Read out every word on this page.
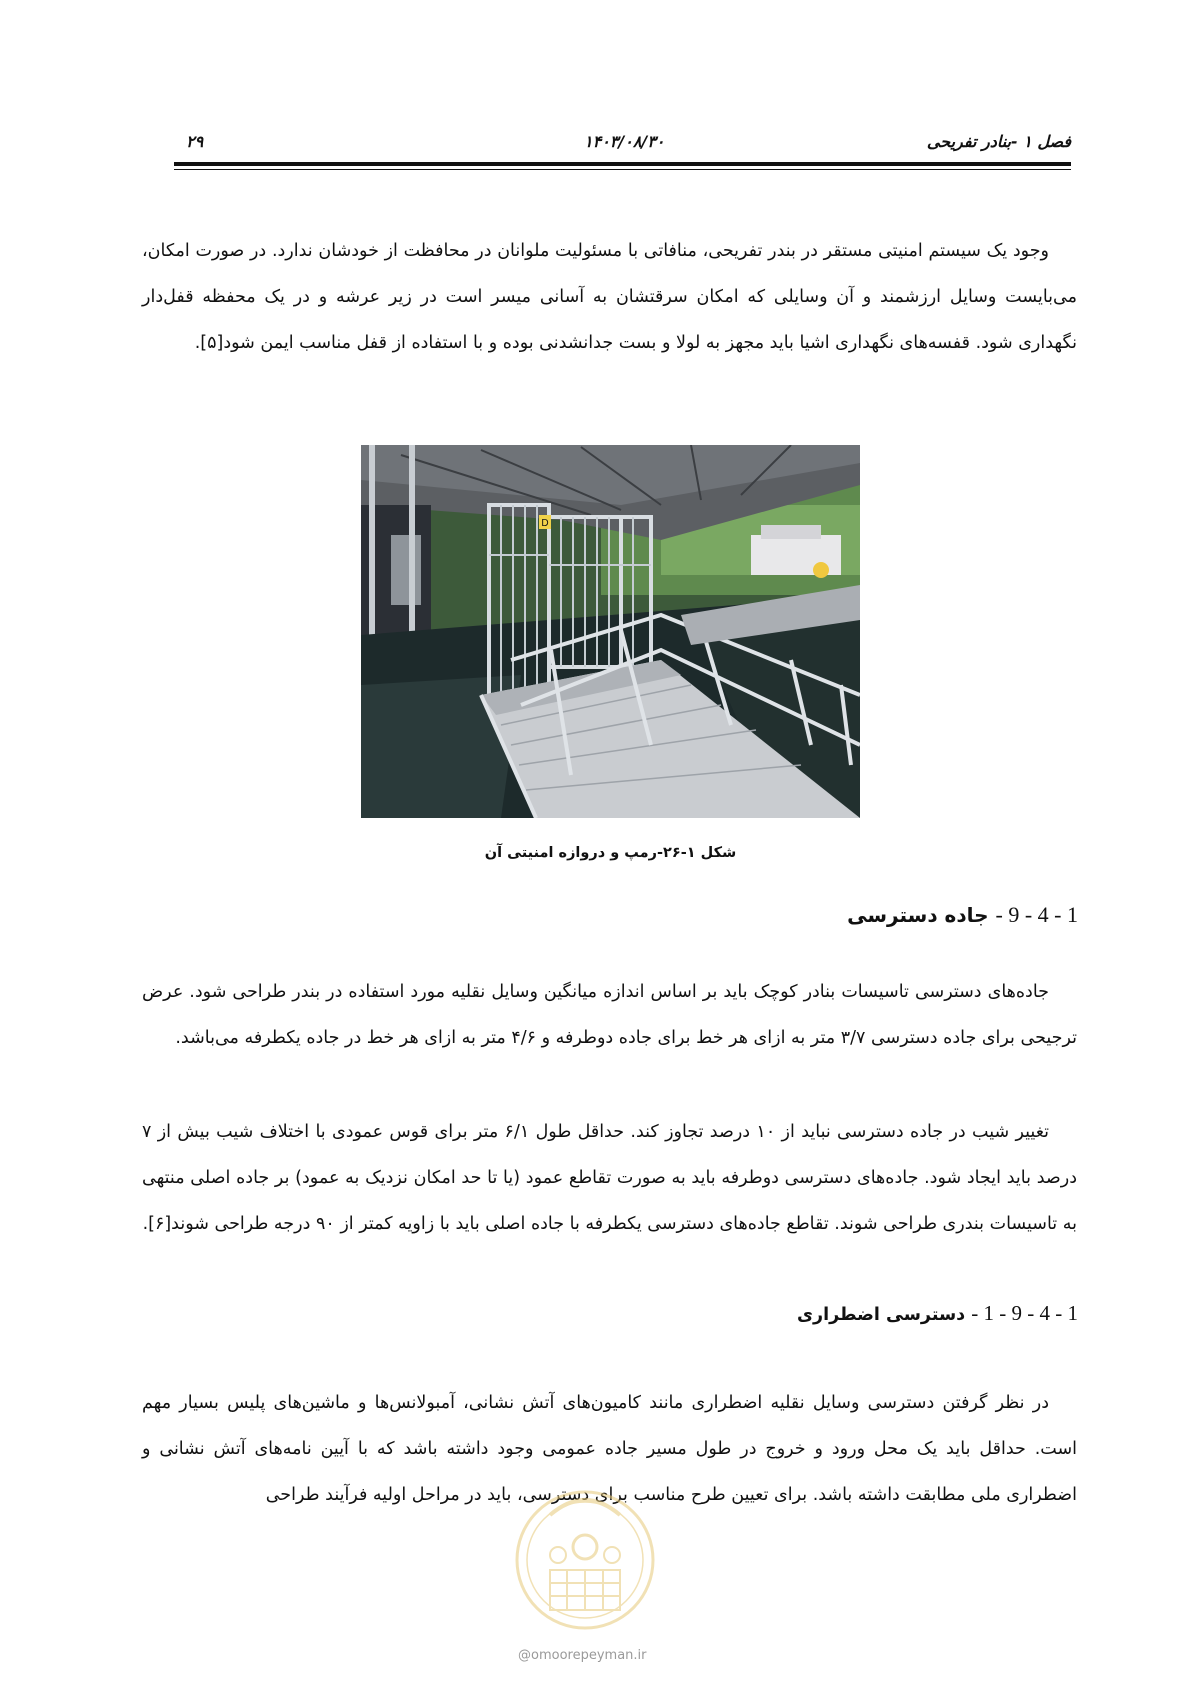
فصل ۱ -بنادر تفریحی
۱۴۰۳/۰۸/۳۰
۲۹

وجود یک سیستم امنیتی مستقر در بندر تفریحی، منافاتی با مسئولیت ملوانان در محافظت از خودشان ندارد. در صورت امکان، می‌بایست وسایل ارزشمند و آن وسایلی که امکان سرقتشان به آسانی میسر است در زیر عرشه و در یک محفظه قفل‌دار نگهداری شود. قفسه‌های نگهداری اشیا باید مجهز به لولا و بست جدانشدنی بوده و با استفاده از قفل مناسب ایمن شود[۵].

D
شکل ۱-۲۶-رمپ و دروازه امنیتی آن
1 - 4 - 9 - جاده دسترسی

جاده‌های دسترسی تاسیسات بنادر کوچک باید بر اساس اندازه میانگین وسایل نقلیه مورد استفاده در بندر طراحی شود. عرض ترجیحی برای جاده دسترسی ۳/۷ متر به ازای هر خط برای جاده دوطرفه و ۴/۶ متر به ازای هر خط در جاده یکطرفه می‌باشد.

تغییر شیب در جاده دسترسی نباید از ۱۰ درصد تجاوز کند. حداقل طول ۶/۱ متر برای قوس عمودی با اختلاف شیب بیش از ۷ درصد باید ایجاد شود. جاده‌های دسترسی دوطرفه باید به صورت تقاطع عمود (یا تا حد امکان نزدیک به عمود) بر جاده اصلی منتهی به تاسیسات بندری طراحی شوند. تقاطع جاده‌های دسترسی یکطرفه با جاده اصلی باید با زاویه کمتر از ۹۰ درجه طراحی شوند[۶].

1 - 4 - 9 - 1 - دسترسی اضطراری

در نظر گرفتن دسترسی وسایل نقلیه اضطراری مانند کامیون‌های آتش نشانی، آمبولانس‌ها و ماشین‌های پلیس بسیار مهم است. حداقل باید یک محل ورود و خروج در طول مسیر جاده عمومی وجود داشته باشد که با آیین نامه‌های آتش نشانی و اضطراری ملی مطابقت داشته باشد. برای تعیین طرح مناسب برای دسترسی، باید در مراحل اولیه فرآیند طراحی

@omoorepeyman.ir
